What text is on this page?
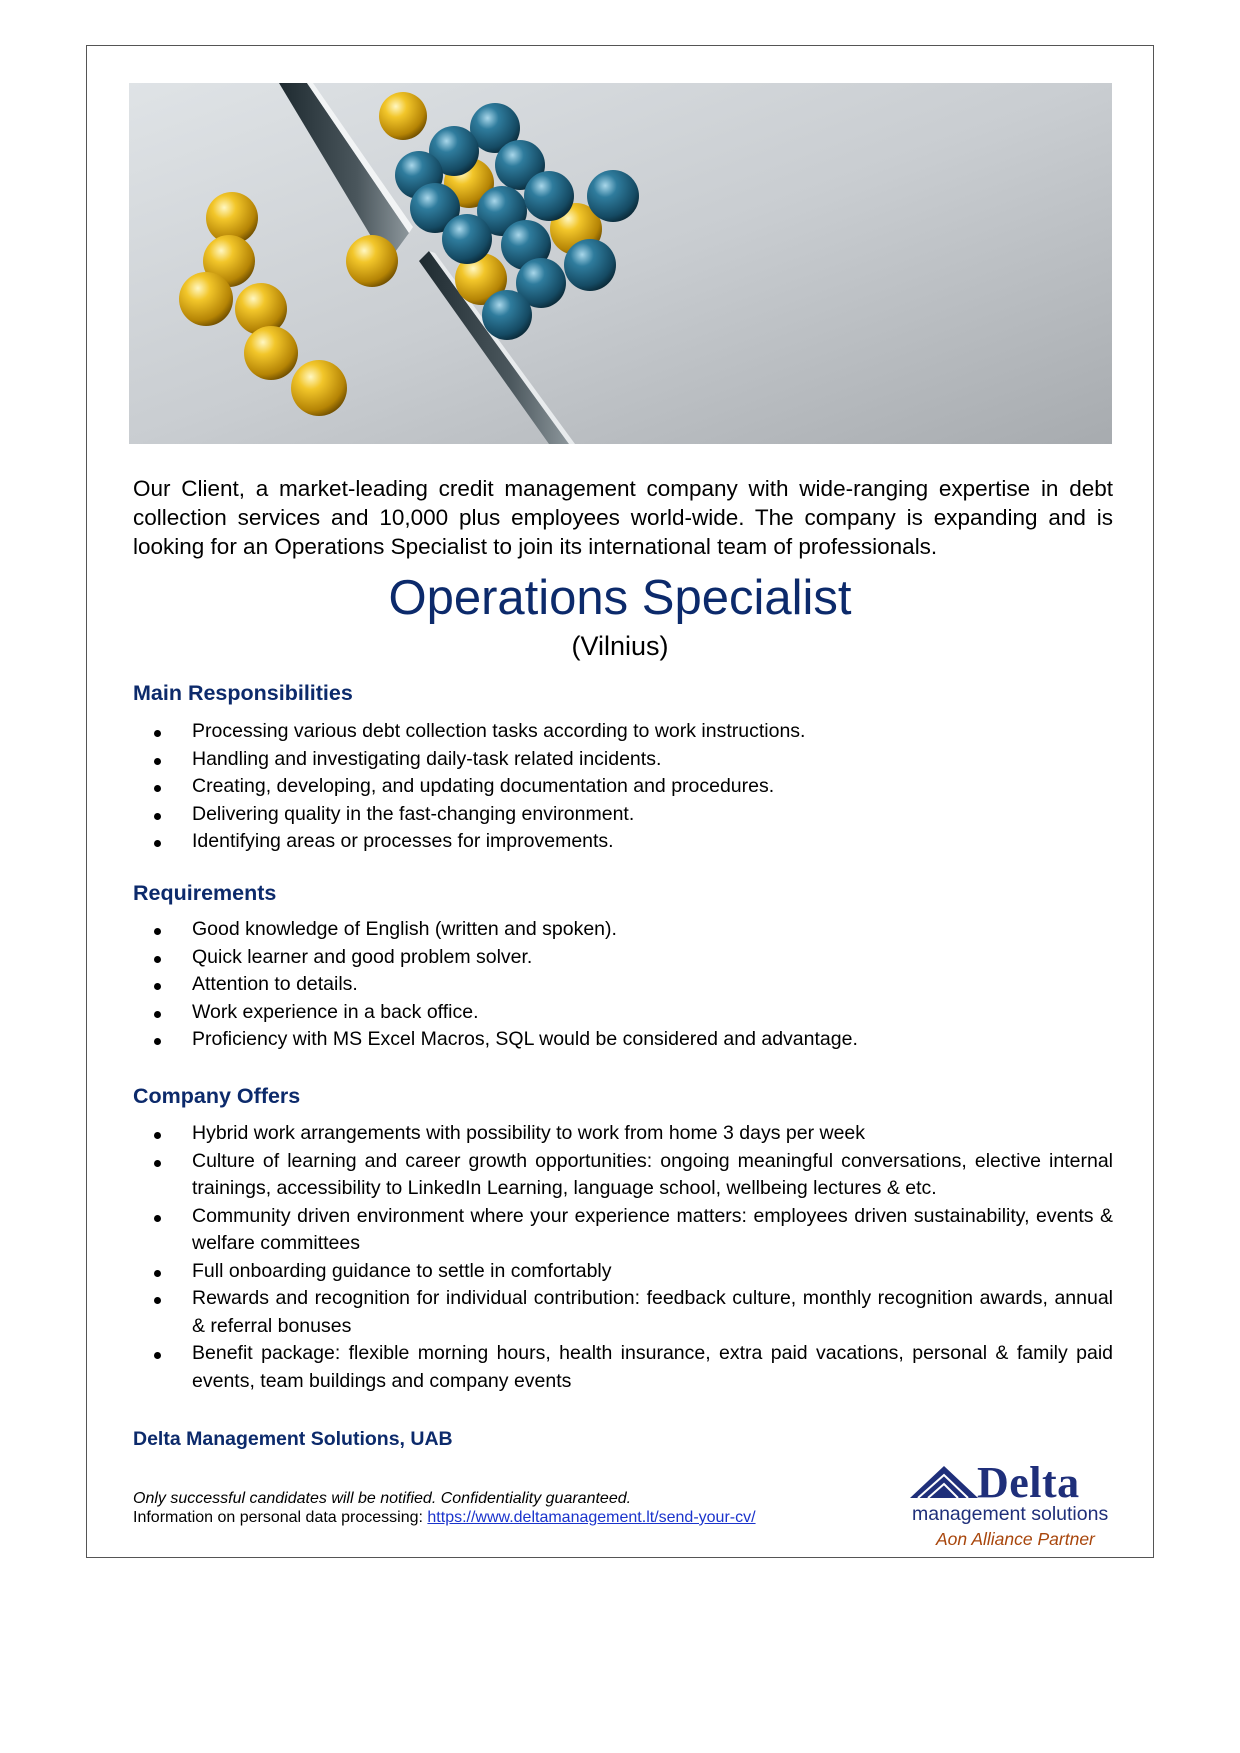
Our Client, a market-leading credit management company with wide-ranging expertise in debt collection services and 10,000 plus employees world-wide. The company is expanding and is looking for an Operations Specialist to join its international team of professionals.

Operations Specialist

(Vilnius)

Main Responsibilities
Processing various debt collection tasks according to work instructions.
Handling and investigating daily-task related incidents.
Creating, developing, and updating documentation and procedures.
Delivering quality in the fast-changing environment.
Identifying areas or processes for improvements.
Requirements
Good knowledge of English (written and spoken).
Quick learner and good problem solver.
Attention to details.
Work experience in a back office.
Proficiency with MS Excel Macros, SQL would be considered and advantage.
Company Offers
Hybrid work arrangements with possibility to work from home 3 days per week
Culture of learning and career growth opportunities: ongoing meaningful conversations, elective internal trainings, accessibility to LinkedIn Learning, language school, wellbeing lectures & etc.
Community driven environment where your experience matters: employees driven sustainability, events & welfare committees
Full onboarding guidance to settle in comfortably
Rewards and recognition for individual contribution: feedback culture, monthly recognition awards, annual & referral bonuses
Benefit package: flexible morning hours, health insurance, extra paid vacations, personal & family paid events, team buildings and company events

Delta Management Solutions, UAB

Only successful candidates will be notified. Confidentiality guaranteed.
Information on personal data processing: https://www.deltamanagement.lt/send-your-cv/
Delta
management solutions
Aon Alliance Partner
